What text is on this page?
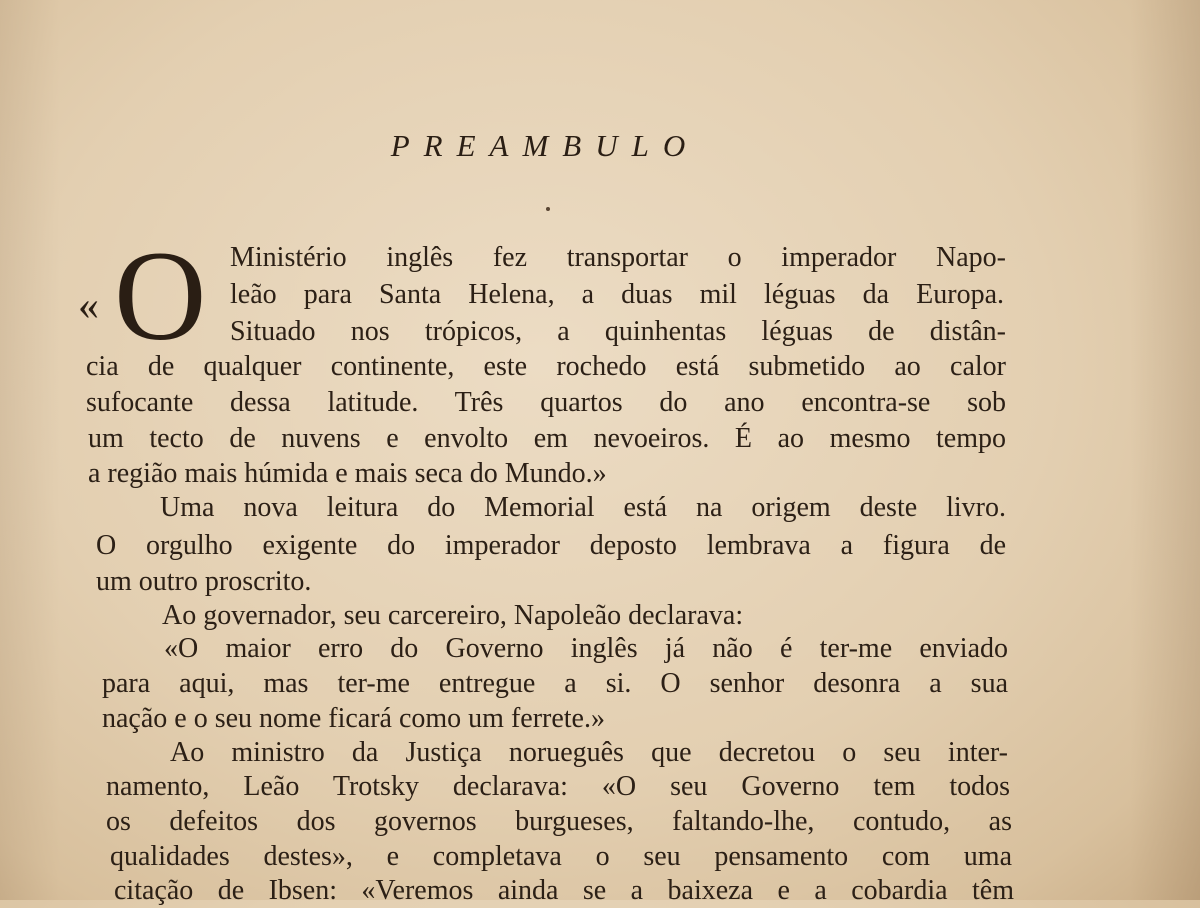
PREAMBULO
« O Ministério inglês fez transportar o imperador Napo-
leão para Santa Helena, a duas mil léguas da Europa.
Situado nos trópicos, a quinhentas léguas de distân-
cia de qualquer continente, este rochedo está submetido ao calor
sufocante dessa latitude. Três quartos do ano encontra-se sob
um tecto de nuvens e envolto em nevoeiros. É ao mesmo tempo
a região mais húmida e mais seca do Mundo.»
Uma nova leitura do Memorial está na origem deste livro.
O orgulho exigente do imperador deposto lembrava a figura de
um outro proscrito.
Ao governador, seu carcereiro, Napoleão declarava:
«O maior erro do Governo inglês já não é ter-me enviado
para aqui, mas ter-me entregue a si. O senhor desonra a sua
nação e o seu nome ficará como um ferrete.»
Ao ministro da Justiça norueguês que decretou o seu inter-
namento, Leão Trotsky declarava: «O seu Governo tem todos
os defeitos dos governos burgueses, faltando-lhe, contudo, as
qualidades destes», e completava o seu pensamento com uma
citação de Ibsen: «Veremos ainda se a baixeza e a cobardia têm
